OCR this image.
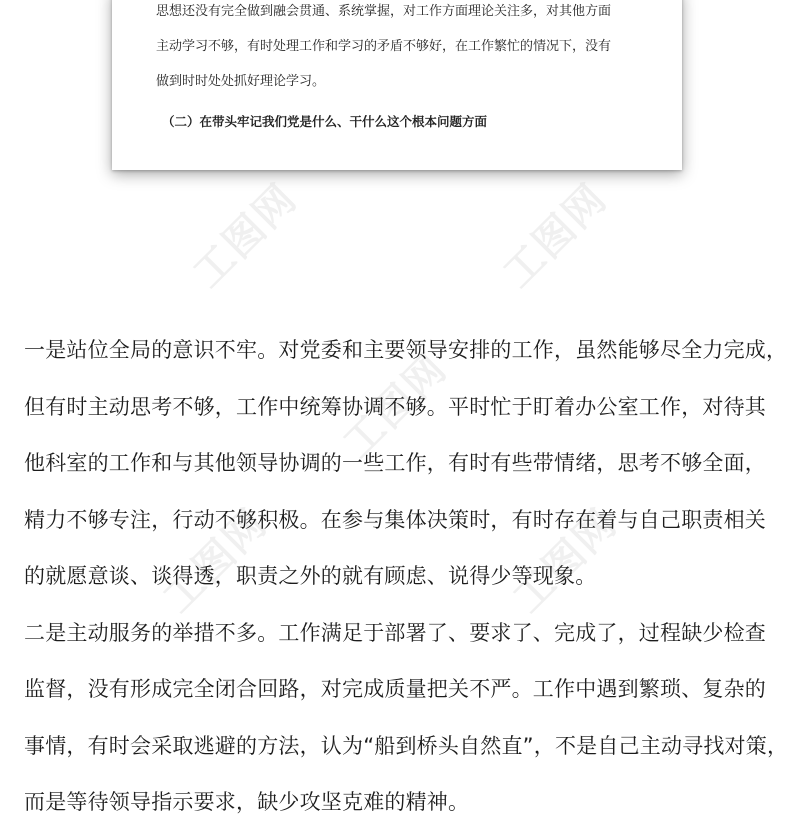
思想还没有完全做到融会贯通、系统掌握，对工作方面理论关注多，对其他方面
主动学习不够，有时处理工作和学习的矛盾不够好，在工作繁忙的情况下，没有
做到时时处处抓好理论学习。
（二）在带头牢记我们党是什么、干什么这个根本问题方面
工图网	工图网
工图网
工图网	工图网
一是站位全局的意识不牢。对党委和主要领导安排的工作，虽然能够尽全力完成，
但有时主动思考不够，工作中统筹协调不够。平时忙于盯着办公室工作，对待其
他科室的工作和与其他领导协调的一些工作，有时有些带情绪，思考不够全面，
精力不够专注，行动不够积极。在参与集体决策时，有时存在着与自己职责相关
的就愿意谈、谈得透，职责之外的就有顾虑、说得少等现象。
二是主动服务的举措不多。工作满足于部署了、要求了、完成了，过程缺少检查
监督，没有形成完全闭合回路，对完成质量把关不严。工作中遇到繁琐、复杂的
事情，有时会采取逃避的方法，认为“船到桥头自然直”，不是自己主动寻找对策，
而是等待领导指示要求，缺少攻坚克难的精神。
